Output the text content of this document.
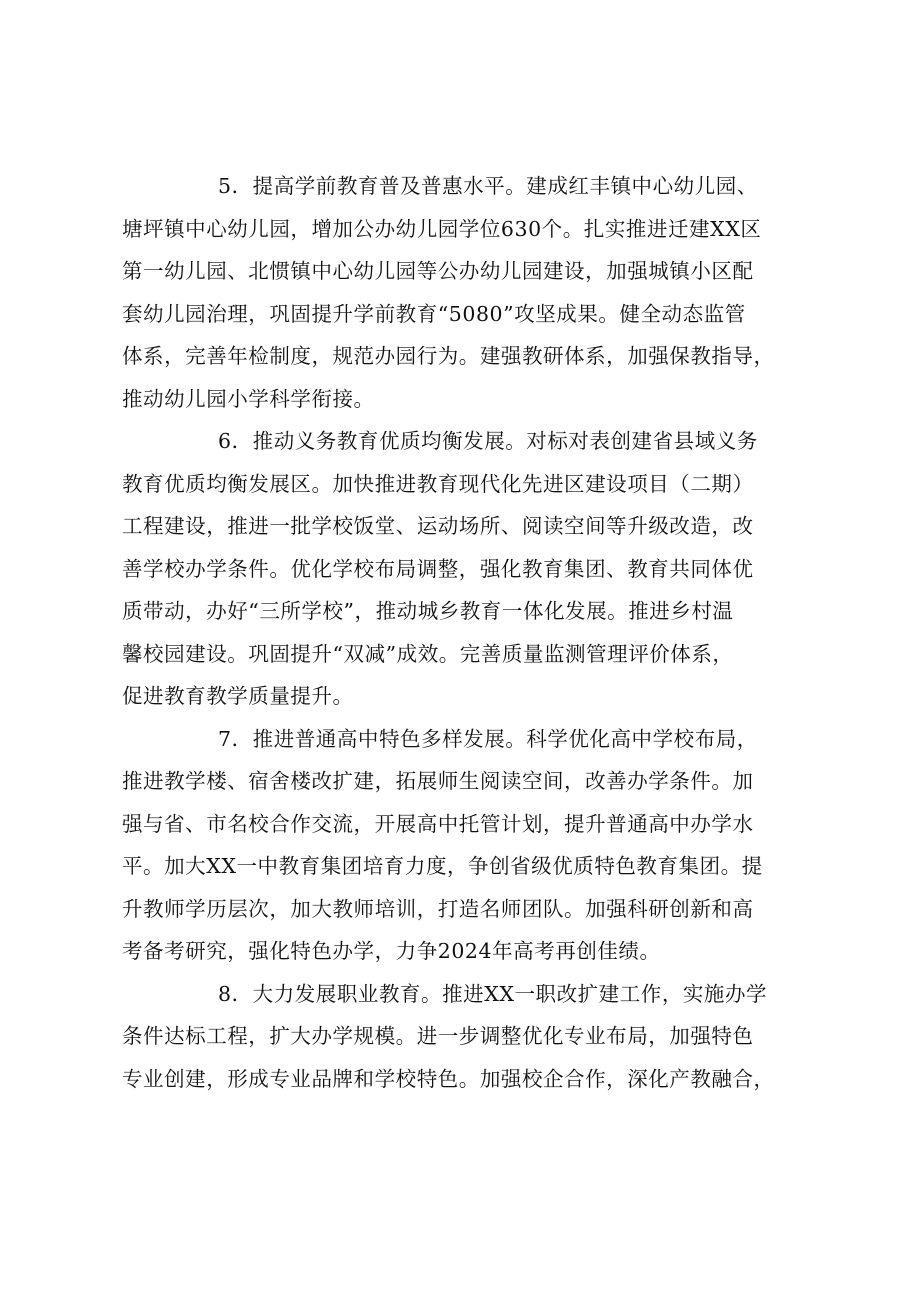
5．提高学前教育普及普惠水平。建成红丰镇中心幼儿园、
塘坪镇中心幼儿园，增加公办幼儿园学位630个。扎实推进迁建XX区
第一幼儿园、北惯镇中心幼儿园等公办幼儿园建设，加强城镇小区配
套幼儿园治理，巩固提升学前教育“5080”攻坚成果。健全动态监管
体系，完善年检制度，规范办园行为。建强教研体系，加强保教指导，
推动幼儿园小学科学衔接。
6．推动义务教育优质均衡发展。对标对表创建省县域义务
教育优质均衡发展区。加快推进教育现代化先进区建设项目（二期）
工程建设，推进一批学校饭堂、运动场所、阅读空间等升级改造，改
善学校办学条件。优化学校布局调整，强化教育集团、教育共同体优
质带动，办好“三所学校”，推动城乡教育一体化发展。推进乡村温
馨校园建设。巩固提升“双减”成效。完善质量监测管理评价体系，
促进教育教学质量提升。
7．推进普通高中特色多样发展。科学优化高中学校布局，
推进教学楼、宿舍楼改扩建，拓展师生阅读空间，改善办学条件。加
强与省、市名校合作交流，开展高中托管计划，提升普通高中办学水
平。加大XX一中教育集团培育力度，争创省级优质特色教育集团。提
升教师学历层次，加大教师培训，打造名师团队。加强科研创新和高
考备考研究，强化特色办学，力争2024年高考再创佳绩。
8．大力发展职业教育。推进XX一职改扩建工作，实施办学
条件达标工程，扩大办学规模。进一步调整优化专业布局，加强特色
专业创建，形成专业品牌和学校特色。加强校企合作，深化产教融合，
